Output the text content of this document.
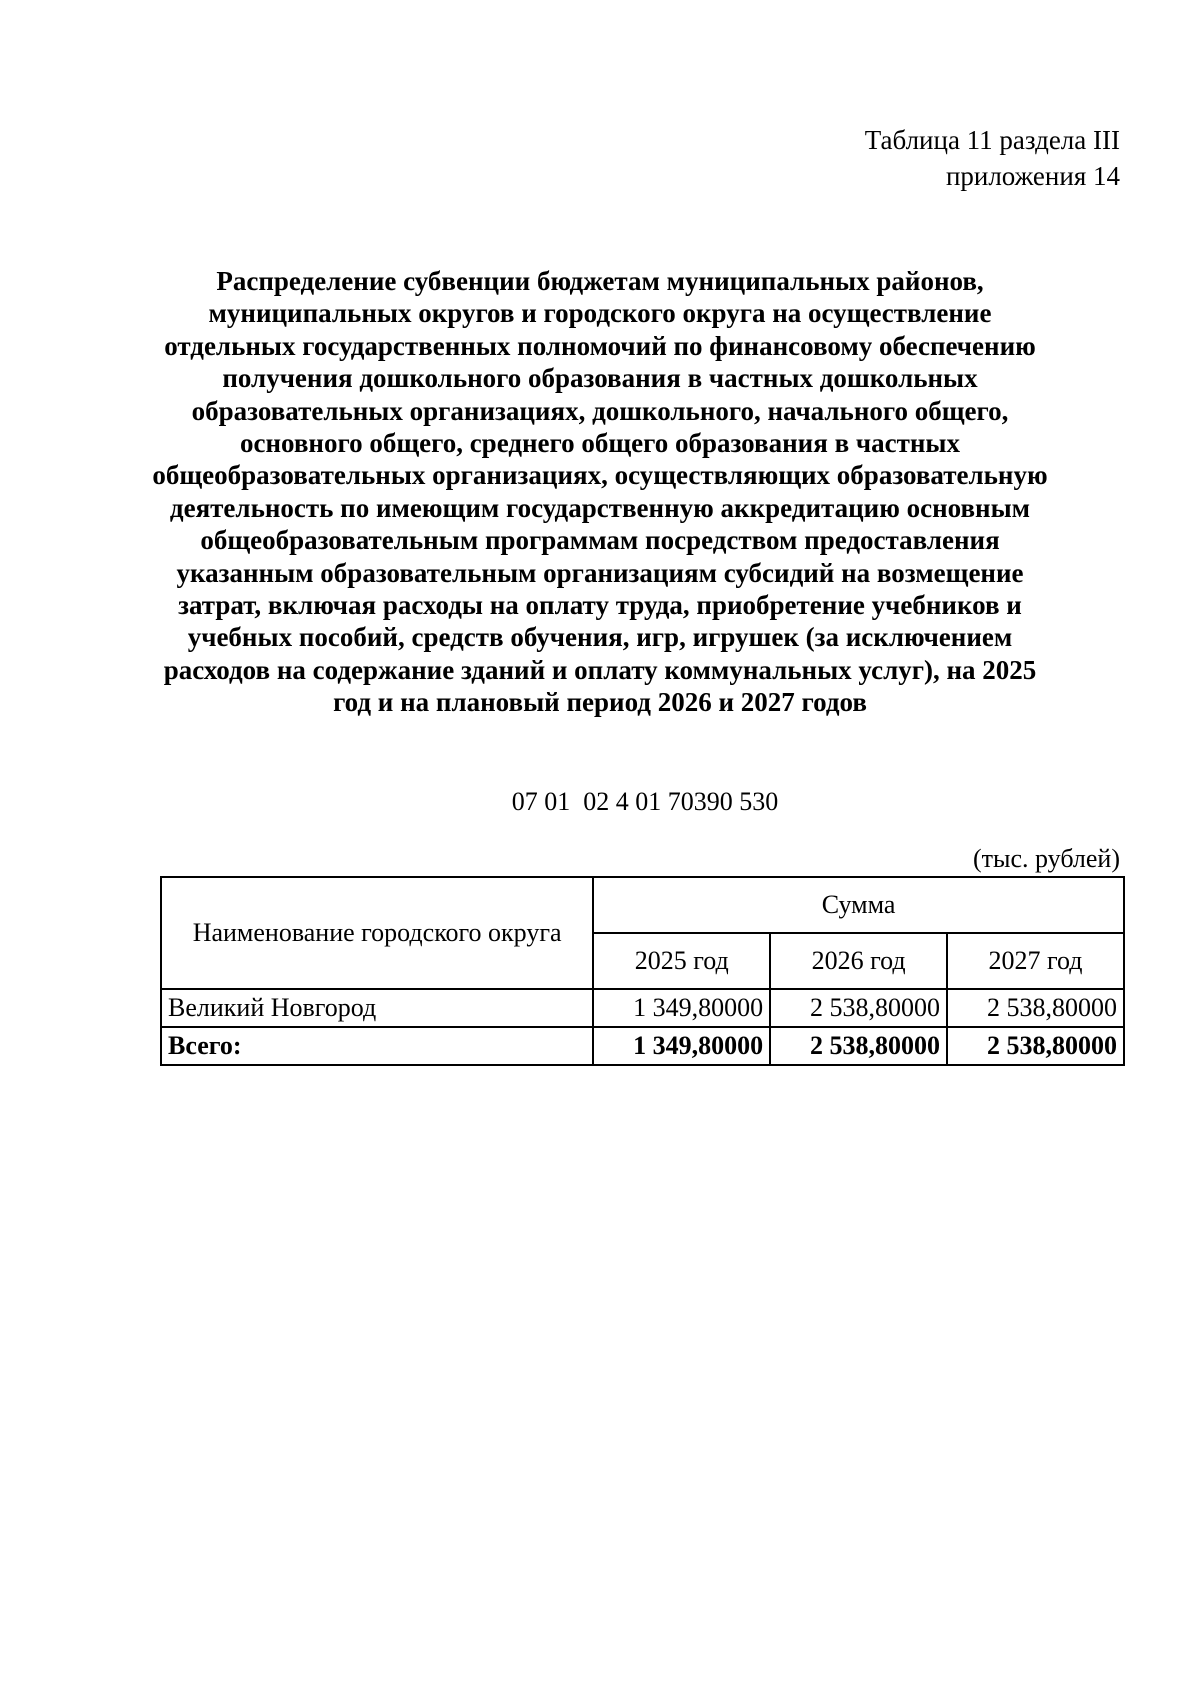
Таблица 11 раздела III
приложения 14
Распределение субвенции бюджетам муниципальных районов, муниципальных округов и городского округа на осуществление отдельных государственных полномочий по финансовому обеспечению получения дошкольного образования в частных дошкольных образовательных организациях, дошкольного, начального общего, основного общего, среднего общего образования в частных общеобразовательных организациях, осуществляющих образовательную деятельность по имеющим государственную аккредитацию основным общеобразовательным программам посредством предоставления указанным образовательным организациям субсидий на возмещение затрат, включая расходы на оплату труда, приобретение учебников и учебных пособий, средств обучения, игр, игрушек (за исключением расходов на содержание зданий и оплату коммунальных услуг), на 2025 год и на плановый период 2026 и 2027 годов
07 01  02 4 01 70390 530
(тыс. рублей)
Наименование городского округа	Сумма		
	2025 год	2026 год	2027 год
Великий Новгород	1 349,80000	2 538,80000	2 538,80000
Всего:	1 349,80000	2 538,80000	2 538,80000
